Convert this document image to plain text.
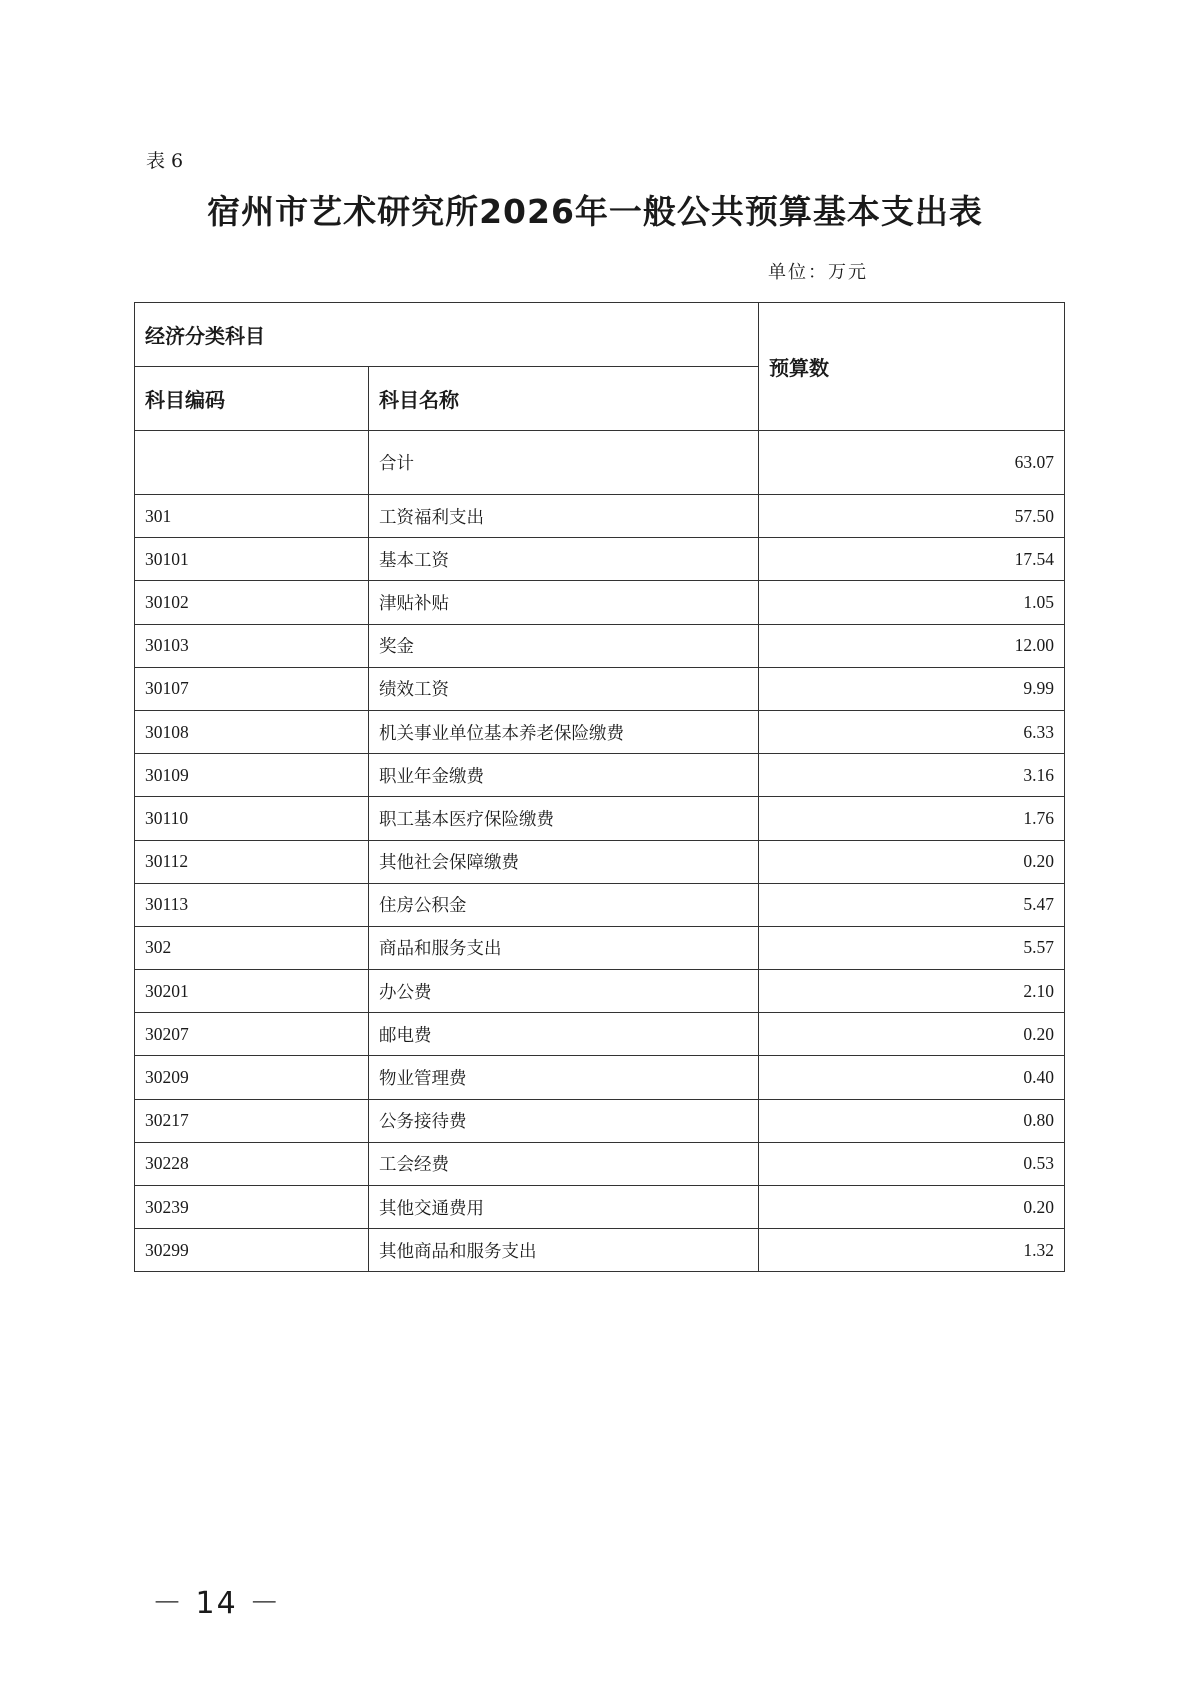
表 6
宿州市艺术研究所2026年一般公共预算基本支出表
单位：万元
经济分类科目		预算数
科目编码	科目名称	
	合计	63.07
301	工资福利支出	57.50
30101	基本工资	17.54
30102	津贴补贴	1.05
30103	奖金	12.00
30107	绩效工资	9.99
30108	机关事业单位基本养老保险缴费	6.33
30109	职业年金缴费	3.16
30110	职工基本医疗保险缴费	1.76
30112	其他社会保障缴费	0.20
30113	住房公积金	5.47
302	商品和服务支出	5.57
30201	办公费	2.10
30207	邮电费	0.20
30209	物业管理费	0.40
30217	公务接待费	0.80
30228	工会经费	0.53
30239	其他交通费用	0.20
30299	其他商品和服务支出	1.32
－ 14 －
